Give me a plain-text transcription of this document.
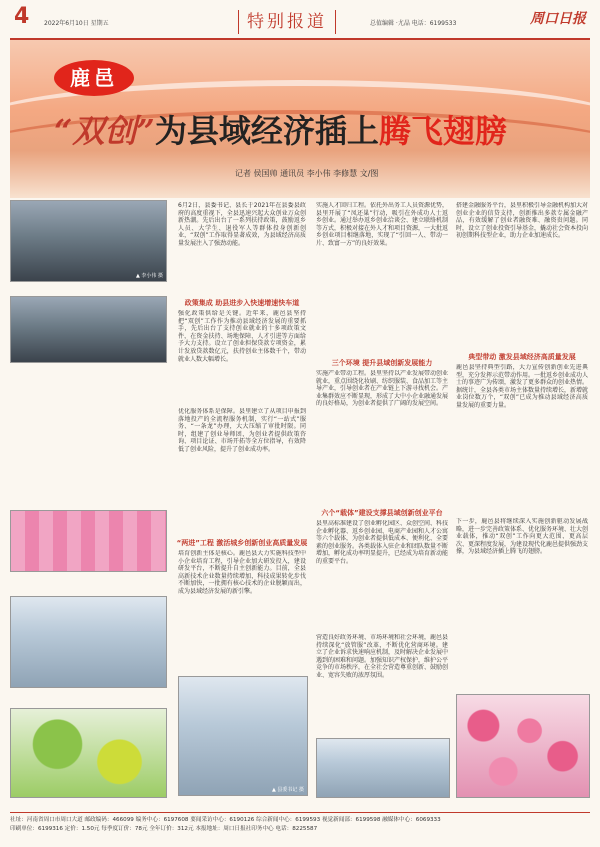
4 2022年6月10日 星期五	特别报道	总值编辑 ·尤晶 电话：6199533	周口日报
鹿邑
“双创”为县域经济插上腾飞翅膀
记者 侯国帅 通讯员 李小伟 李修慧 文/图
▲ 李小伟 摄
6月2日，县委书记、县长于2021年在县委县政府的高度重视下，全县迅速兴起大众创业万众创新热潮。先后出台了一系列扶持政策，鼓励返乡人员、大学生、退役军人等群体投身创新创业，“双创”工作取得显著成效，为县域经济高质量发展注入了强劲动能。
政策集成 助县进步入快速增速快车道
强化政策供给是关键。近年来，鹿邑县坚持把“双创”工作作为推动县域经济发展的重要抓手，先后出台了支持创业就业的十多项政策文件，在资金扶持、场地保障、人才引进等方面给予大力支持。设立了创业担保贷款专项资金，累计发放贷款数亿元，扶持创业主体数千个，带动就业人数大幅增长。
优化服务体系是保障。县里建立了从项目申报到落地投产的全流程服务机制，实行“一站式”服务、“一条龙”办理，大大压缩了审批时限。同时，组建了创业导师团，为创业者提供政策咨询、项目论证、市场开拓等全方位指导，有效降低了创业风险，提升了创业成功率。
“两进”工程 激活城乡创新创业高质量发展
培育创新主体是核心。鹿邑县大力实施科技型中小企业培育工程，引导企业加大研发投入，建设研发平台，不断提升自主创新能力。目前，全县高新技术企业数量持续增加，科技成果转化步伐不断加快，一批拥有核心技术的企业脱颖而出，成为县域经济发展的新引擎。
▲ 县委书记 摄
实施人才回归工程。依托外出务工人员资源优势，县里开展了“凤还巢”行动，吸引在外成功人士返乡创业。通过举办返乡创业洽谈会、建立联络机制等方式，积极对接在外人才和项目资源，一大批返乡创业项目相继落地，实现了“引回一人、带动一片、致富一方”的良好效果。
三个环境 提升县域创新发展能力
实施产业带动工程。县里坚持以产业发展带动创业就业，重点围绕化妆刷、纺织服装、食品加工等主导产业，引导创业者在产业链上下游寻找机会。产业集群效应不断显现，形成了大中小企业融通发展的良好格局，为创业者提供了广阔的发展空间。
六个“载体”建设支撑县域创新创业平台
县里高标准建设了创业孵化园区、众创空间、科技企业孵化器、返乡创业园、电商产业园和人才公寓等六个载体，为创业者提供低成本、便利化、全要素的创业服务。各类载体入驻企业和团队数量不断增加，孵化成功率明显提升，已经成为培育新动能的重要平台。
营造良好政务环境、市场环境和社会环境，鹿邑县持续深化“放管服”改革，不断优化营商环境。建立了企业诉求快速响应机制，及时解决企业发展中遇到的困难和问题。加强知识产权保护，维护公平竞争的市场秩序，在全社会营造尊重创新、鼓励创业、宽容失败的浓厚氛围。
搭建金融服务平台，县里积极引导金融机构加大对创业企业的信贷支持，创新推出多款专属金融产品，有效缓解了创业者融资难、融资贵问题。同时，设立了创业投资引导基金，撬动社会资本投向初创期科技型企业，助力企业加速成长。
典型带动 激发县域经济高质量发展
鹿邑县坚持典型引路，大力宣传创新创业先进典型，充分发挥示范带动作用。一批返乡创业成功人士的事迹广为传颂，激发了更多群众的创业热情。据统计，全县各类市场主体数量持续增长，新增就业岗位数万个，“双创”已成为推动县域经济高质量发展的重要力量。
下一步，鹿邑县将继续深入实施创新驱动发展战略，进一步完善政策体系、优化服务环境、壮大创业载体，推动“双创”工作向更大范围、更高层次、更深程度发展，为建设现代化鹿邑提供强劲支撑，为县域经济插上腾飞的翅膀。
社址：河南省周口市周口大道 邮政编码：466099 编务中心：6197608 要闻采访中心：6190126 综合新闻中心：6199593 视觉新闻部：6199598 融媒体中心：6069333
印刷单位：6199316 定价：1.50元 每季度订价：78元 全年订价：312元 本报地址：周口日报社印务中心 电话：8225587
